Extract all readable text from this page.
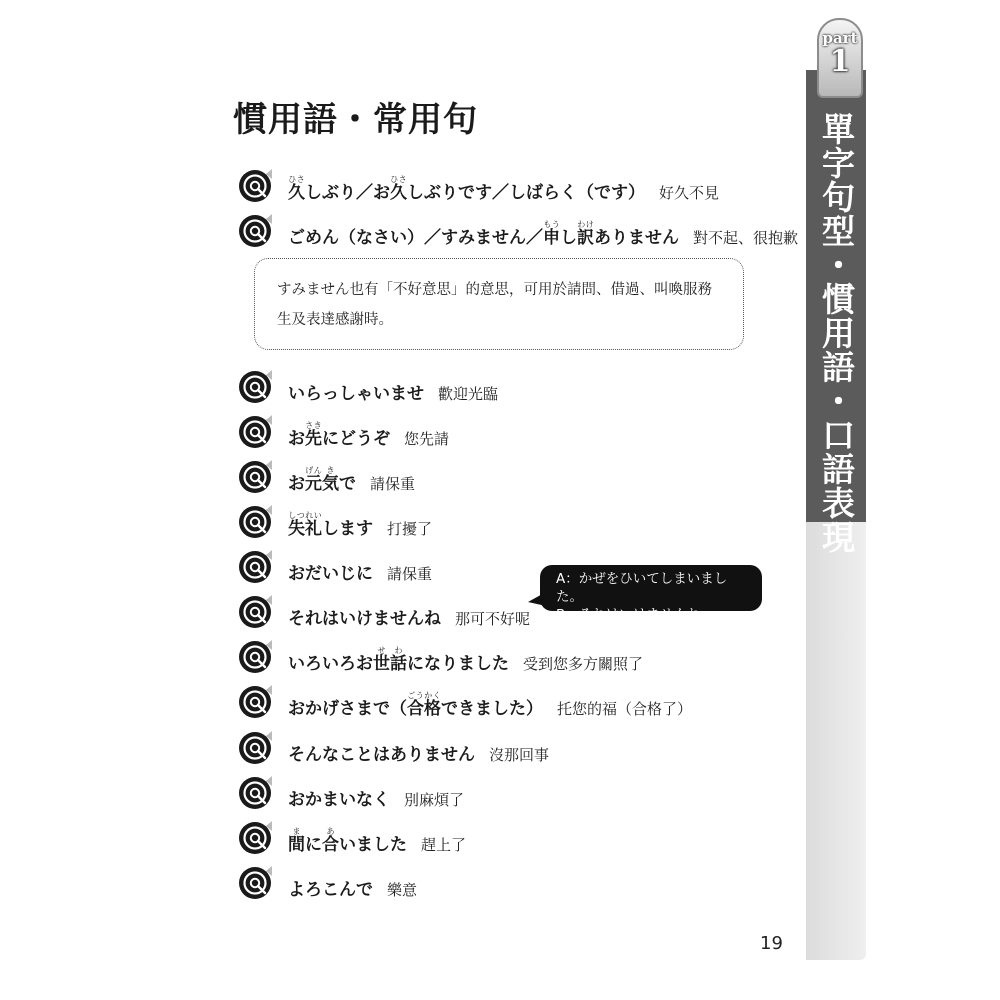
part
1
單字句型・慣用語・口語表現
慣用語・常用句
久ひさしぶり／お久ひさしぶりです／しばらく（です） 好久不見
ごめん（なさい）／すみません／申もうし訳わけありません 對不起、很抱歉
すみません也有「不好意思」的意思，可用於請問、借過、叫喚服務生及表達感謝時。
いらっしゃいませ 歡迎光臨
お先さきにどうぞ 您先請
お元げん気きで 請保重
失礼しつれいします 打擾了
おだいじに 請保重
それはいけませんね 那可不好呢
A：かぜをひいてしまいました。
B：それはいけませんね。
いろいろお世せ話わになりました 受到您多方關照了
おかげさまで（合格ごうかくできました） 托您的福（合格了）
そんなことはありません 沒那回事
おかまいなく 別麻煩了
間まに合あいました 趕上了
よろこんで 樂意
19
